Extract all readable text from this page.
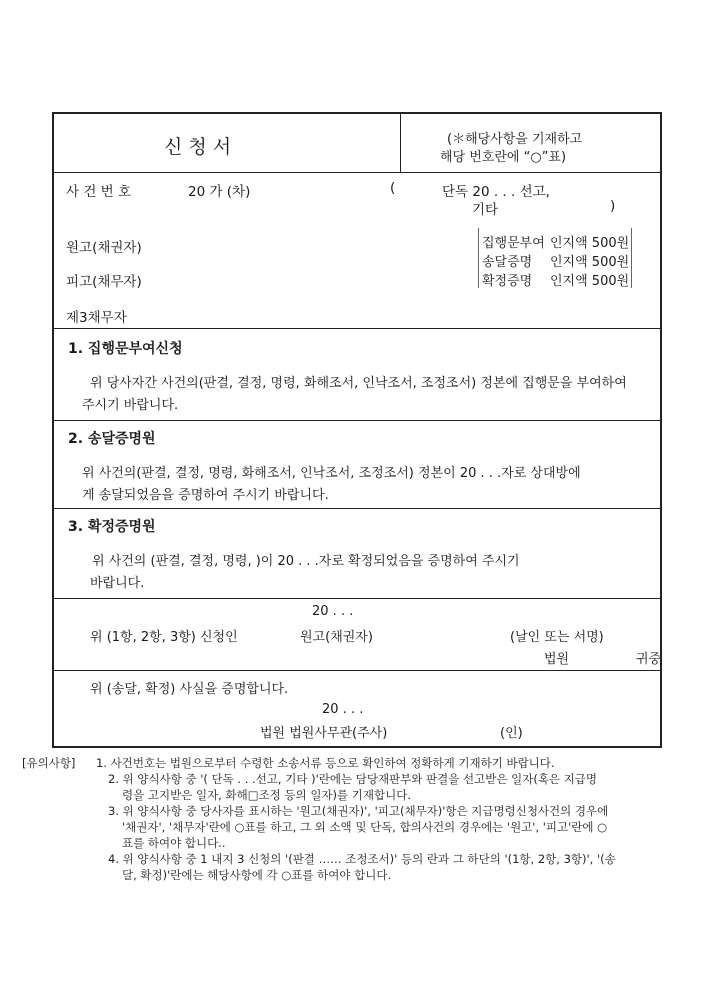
신 청 서	(＊해당사항을 기재하고
해당 번호란에 “○”표)
사 건 번 호	20 가 (차)	(	단독 20 . . . 선고,
기타	)
원고(채권자)
피고(채무자)
제3채무자
집행문부여 인지액 500원
송달증명 인지액 500원
확정증명 인지액 500원
1. 집행문부여신청
위 당사자간 사건의(판결, 결정, 명령, 화해조서, 인낙조서, 조정조서) 정본에 집행문을 부여하여
주시기 바랍니다.
2. 송달증명원
위 사건의(판결, 결정, 명령, 화해조서, 인낙조서, 조정조서) 정본이 20 . . .자로 상대방에
게 송달되었음을 증명하여 주시기 바랍니다.
3. 확정증명원
위 사건의 (판결, 결정, 명령, )이 20 . . .자로 확정되었음을 증명하여 주시기
바랍니다.
20 . . .
위 (1항, 2항, 3항) 신청인	원고(채권자)	(날인 또는 서명)
법원	귀중
위 (송달, 확정) 사실을 증명합니다.
20 . . .
법원 법원사무관(주사)	(인)
[유의사항] 1. 사건번호는 법원으로부터 수령한 소송서류 등으로 확인하여 정확하게 기재하기 바랍니다.
2. 위 양식사항 중 '( 단독 . . .선고, 기타 )'란에는 담당재판부와 판결을 선고받은 일자(혹은 지급명
령을 고지받은 일자, 화해□조정 등의 일자)를 기재합니다.
3. 위 양식사항 중 당사자를 표시하는 '원고(채권자)', '피고(채무자)'항은 지급명령신청사건의 경우에
'채권자', '채무자'란에 ○표를 하고, 그 외 소액 및 단독, 합의사건의 경우에는 '원고', '피고'란에 ○
표를 하여야 합니다..
4. 위 양식사항 중 1 내지 3 신청의 '(판결 …… 조정조서)' 등의 란과 그 하단의 '(1항, 2항, 3항)', '(송
달, 확정)'란에는 해당사항에 각 ○표를 하여야 합니다.
